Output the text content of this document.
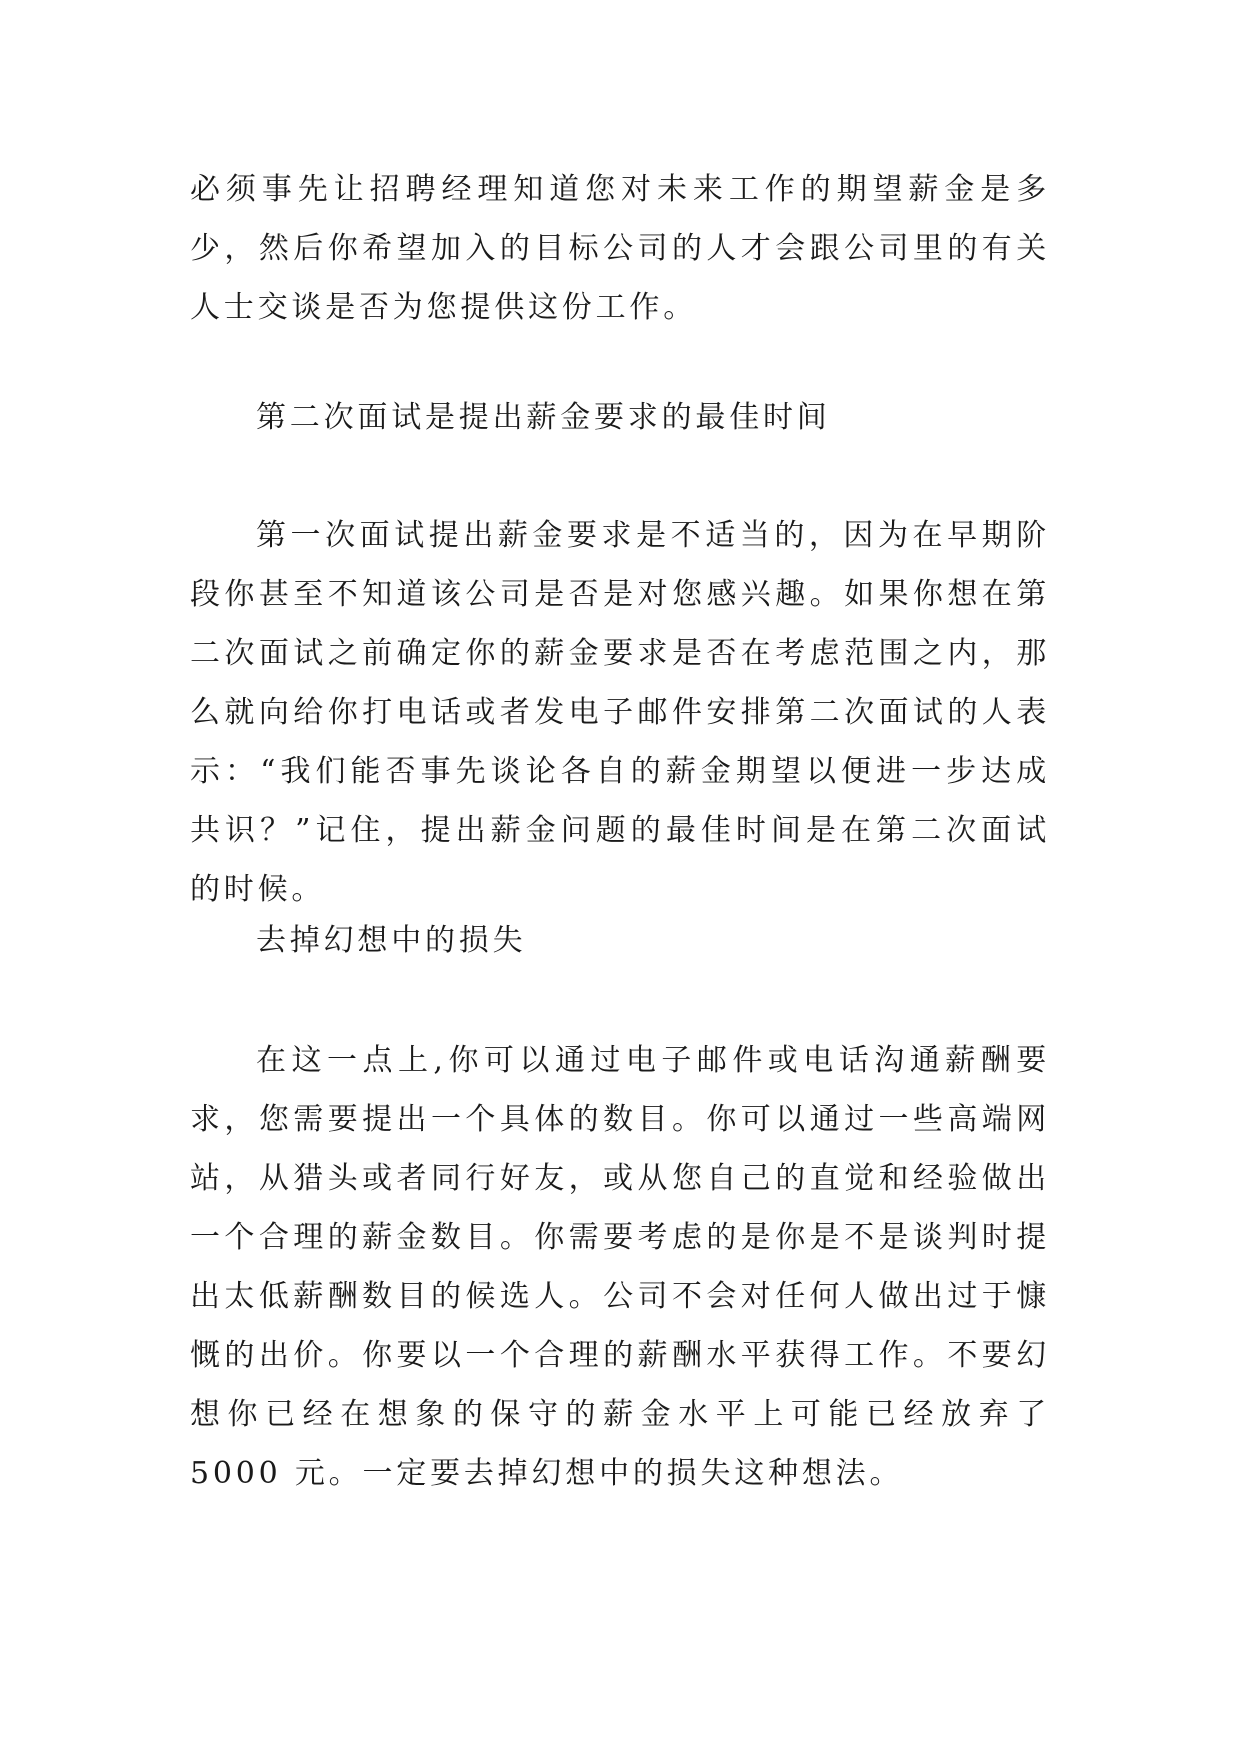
必须事先让招聘经理知道您对未来工作的期望薪金是多少，然后你希望加入的目标公司的人才会跟公司里的有关人士交谈是否为您提供这份工作。

第二次面试是提出薪金要求的最佳时间

第一次面试提出薪金要求是不适当的，因为在早期阶段你甚至不知道该公司是否是对您感兴趣。如果你想在第二次面试之前确定你的薪金要求是否在考虑范围之内，那么就向给你打电话或者发电子邮件安排第二次面试的人表示：“我们能否事先谈论各自的薪金期望以便进一步达成共识？”记住，提出薪金问题的最佳时间是在第二次面试的时候。

去掉幻想中的损失

在这一点上,你可以通过电子邮件或电话沟通薪酬要求，您需要提出一个具体的数目。你可以通过一些高端网站，从猎头或者同行好友，或从您自己的直觉和经验做出一个合理的薪金数目。你需要考虑的是你是不是谈判时提出太低薪酬数目的候选人。公司不会对任何人做出过于慷慨的出价。你要以一个合理的薪酬水平获得工作。不要幻想你已经在想象的保守的薪金水平上可能已经放弃了 5000 元。一定要去掉幻想中的损失这种想法。
